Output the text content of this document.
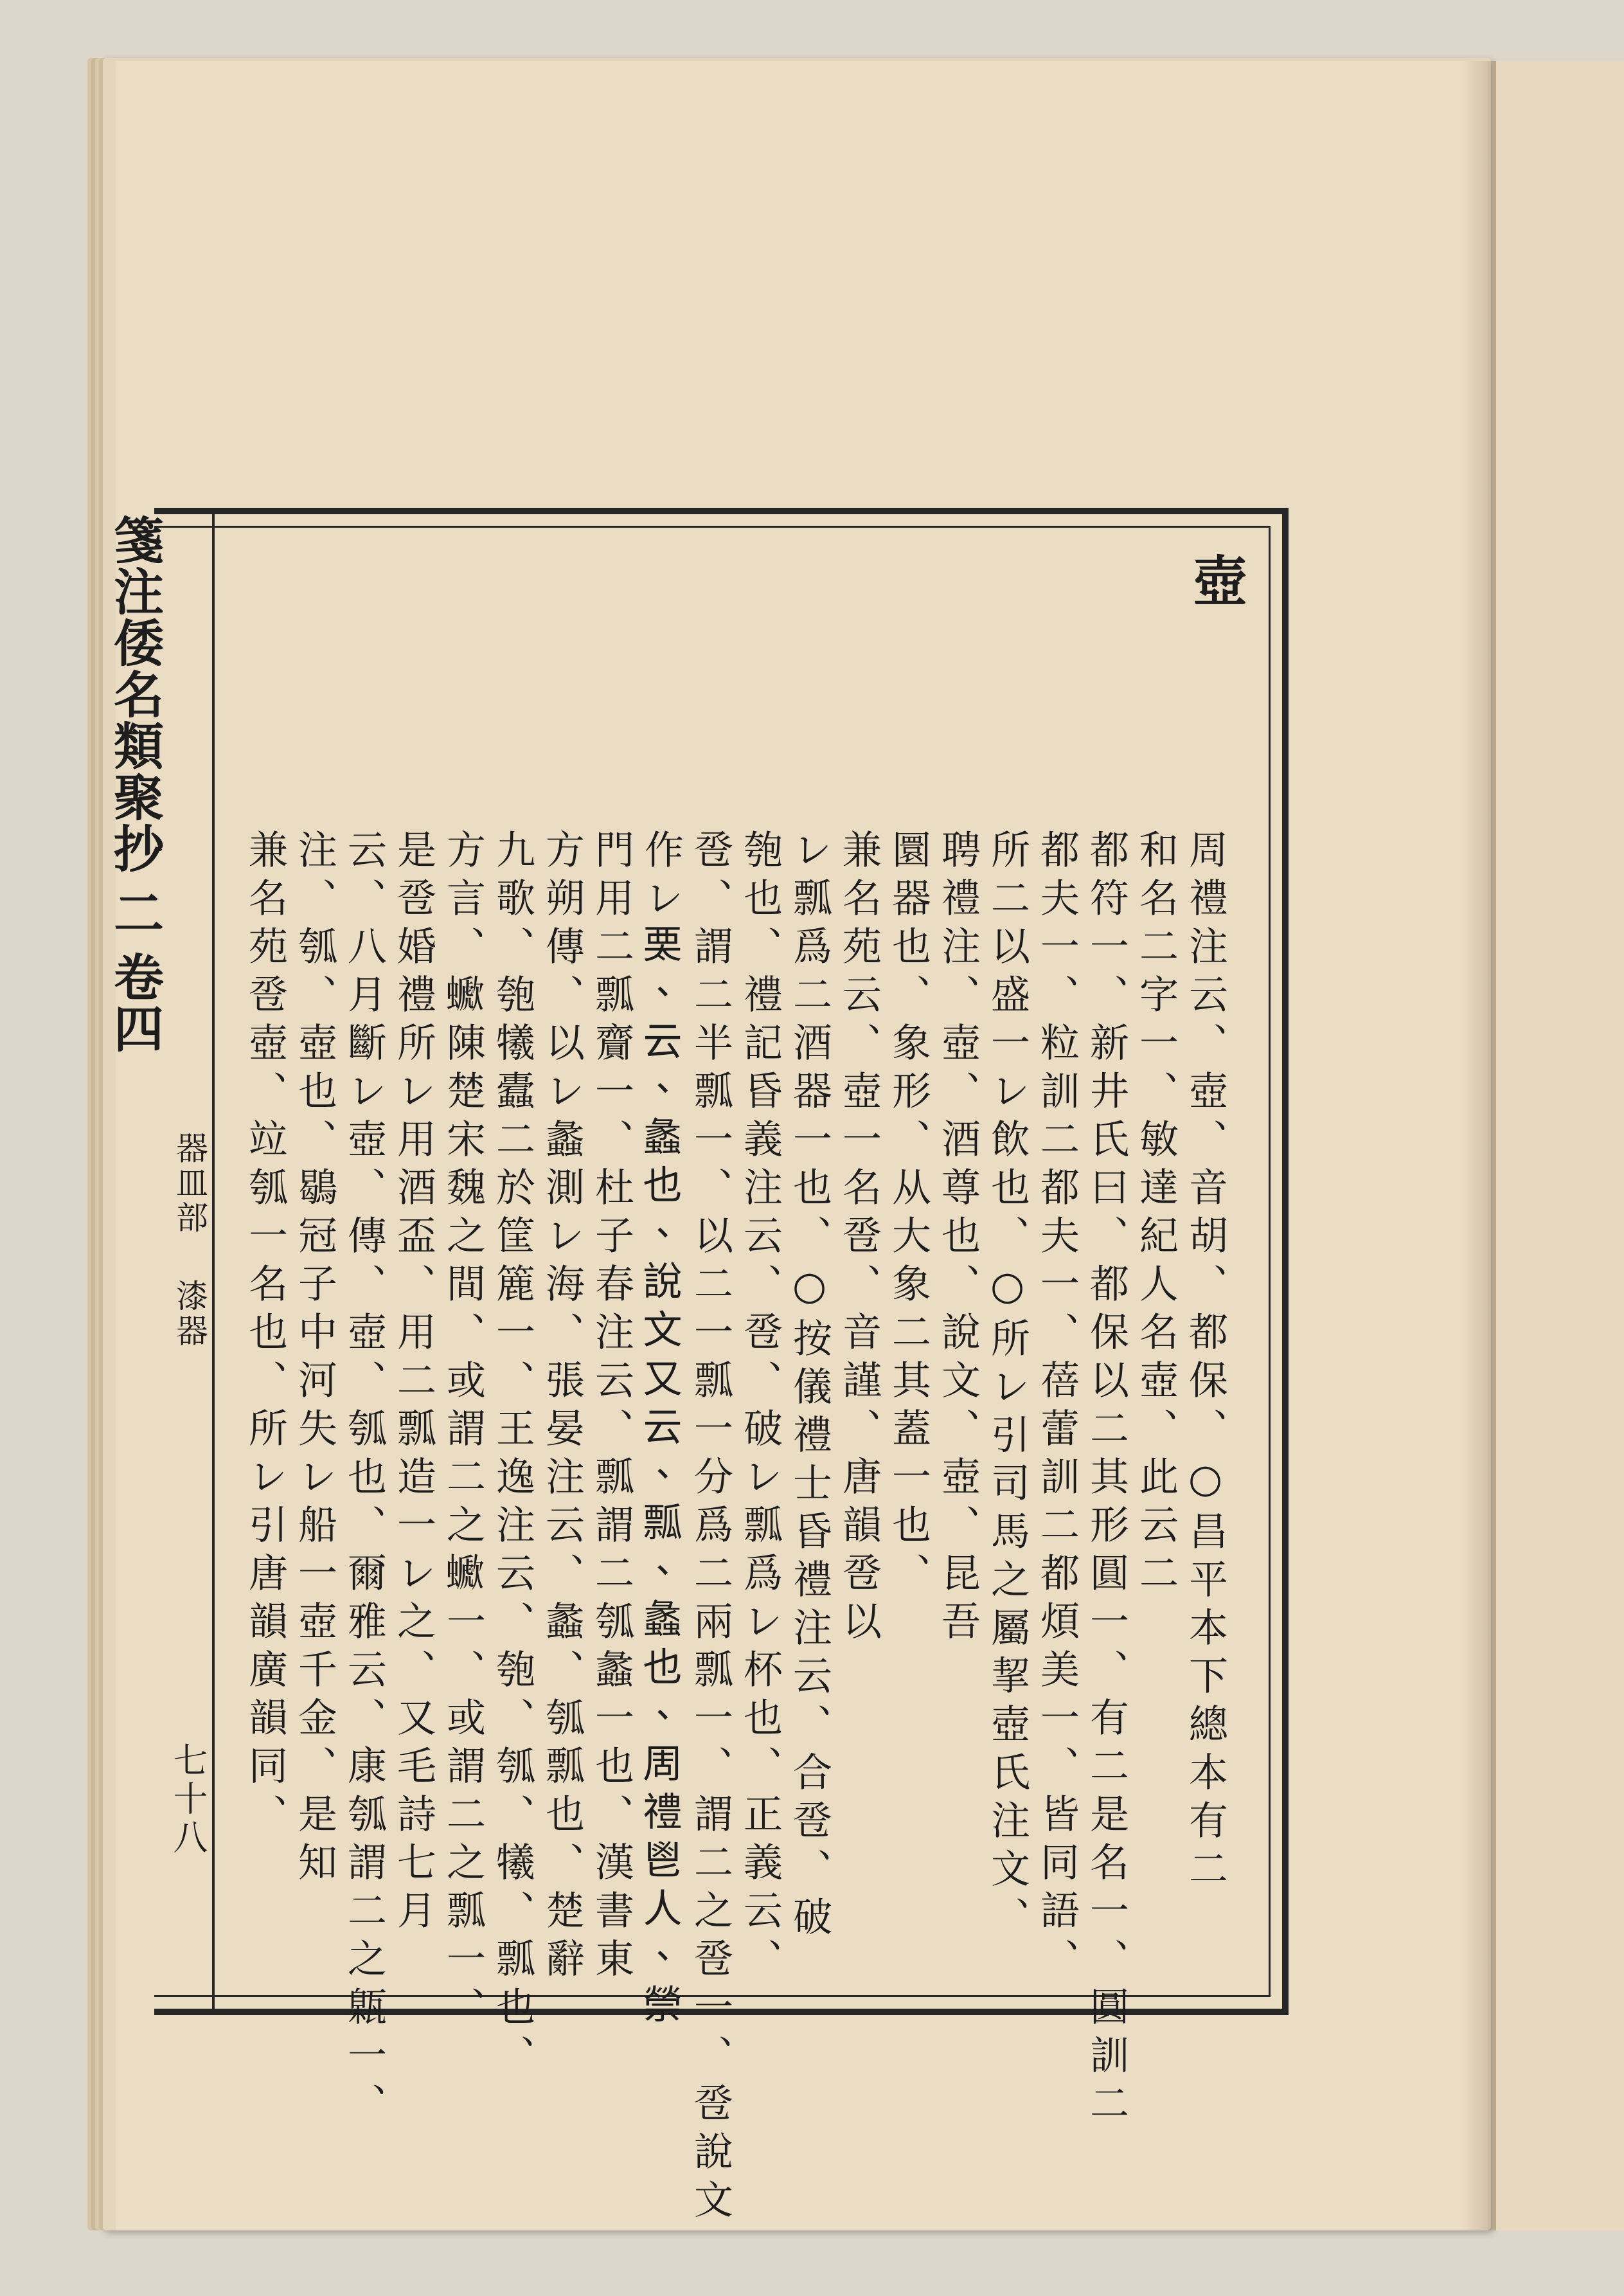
箋注倭名類聚抄
二
卷四
器皿部
漆器
七十八
壺
周禮注云、壺、音胡、都保、○昌平本下總本有二
和名二字一、敏達紀人名壺、此云二
都符一、新井氏曰、都保以二其形圓一、有二是名一、圓訓二
都夫一、粒訓二都夫一、蓓蕾訓二都煩美一、皆同語、
所二以盛一レ飲也、○所レ引司馬之屬挈壺氏注文、
聘禮注、壺、酒尊也、說文、壺、昆吾
圜器也、象形、从大象二其蓋一也、
兼名苑云、壺一名卺、音謹、唐韻卺以
レ瓢爲二酒器一也、○按儀禮士昏禮注云、合卺、破
匏也、禮記昏義注云、卺、破レ瓢爲レ杯也、正義云、
卺、謂二半瓢一、以二一瓢一分爲二兩瓢一、謂二之卺一、卺說文
作レ𧟧、云、蠡也、說文又云、瓢、蠡也、周禮鬯人、禜
門用二瓢齎一、杜子春注云、瓢謂二瓠蠡一也、漢書東
方朔傳、以レ蠡測レ海、張晏注云、蠡、瓠瓢也、楚辭
九歌、匏犧蠹二於筐簏一、王逸注云、匏、瓠、犧、瓢也、
方言、𧓗陳楚宋魏之間、或謂二之𧓗一、或謂二之瓢一、
是卺婚禮所レ用酒盃、用二瓢造一レ之、又毛詩七月
云、八月斷レ壺、傳、壺、瓠也、爾雅云、康瓠謂二之甈一、
注、瓠、壺也、鶡冠子中河失レ船一壺千金、是知
兼名苑卺壺、竝瓠一名也、所レ引唐韻廣韻同、
